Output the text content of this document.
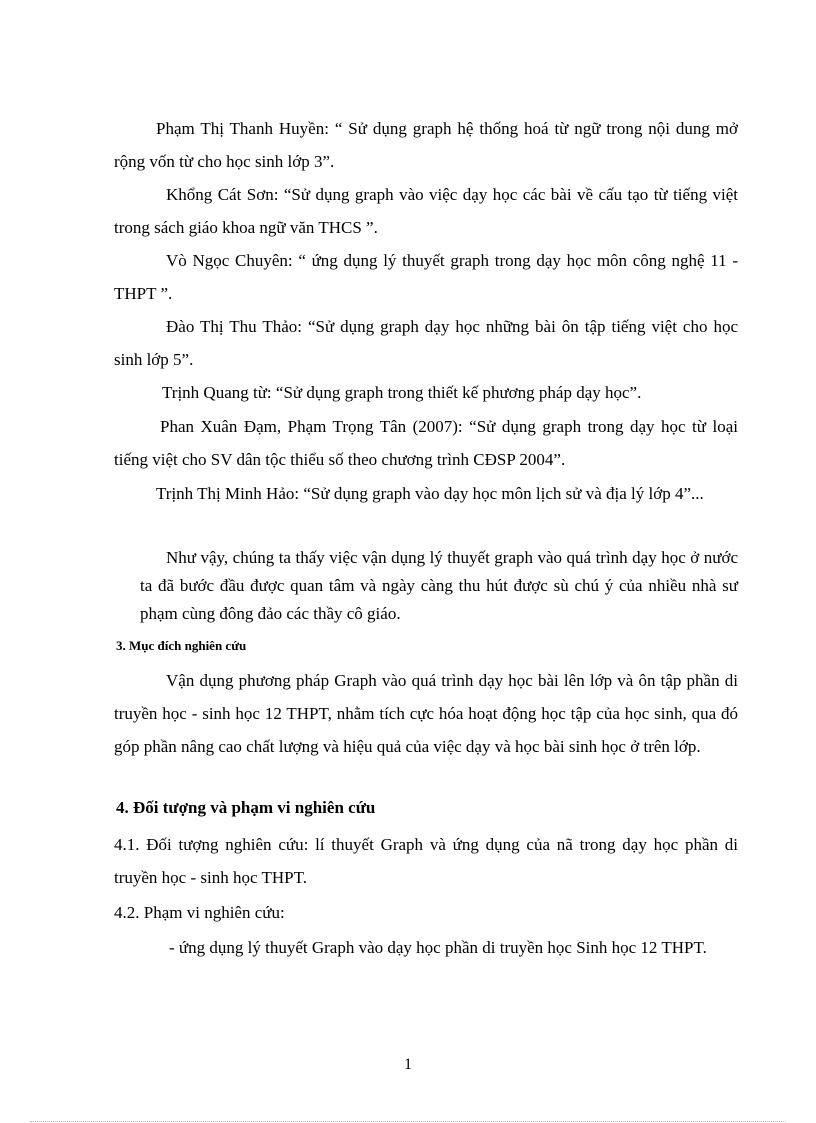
Phạm Thị Thanh Huyền: “ Sử dụng graph hệ thống hoá từ ngữ trong nội dung mở rộng vốn từ cho học sinh lớp 3”.

Khổng Cát Sơn: “Sử dụng graph vào việc dạy học các bài về cấu tạo từ tiếng việt trong sách giáo khoa ngữ văn THCS ”.

Vò Ngọc Chuyên: “ ứng dụng lý thuyết graph trong dạy học môn công nghệ 11 - THPT ”.

Đào Thị Thu Thảo: “Sử dụng graph dạy học những bài ôn tập tiếng việt cho học sinh lớp 5”.

Trịnh Quang từ: “Sử dụng graph trong thiết kế phương pháp dạy học”.

Phan Xuân Đạm, Phạm Trọng Tân (2007): “Sử dụng graph trong dạy học từ loại tiếng việt cho SV dân tộc thiểu số theo chương trình CĐSP 2004”.

Trịnh Thị Minh Hảo: “Sử dụng graph vào dạy học môn lịch sử và địa lý lớp 4”...

Như vậy, chúng ta thấy việc vận dụng lý thuyết graph vào quá trình dạy học ở nước ta đã bước đầu được quan tâm và ngày càng thu hút được sù chú ý của nhiều nhà sư phạm cùng đông đảo các thầy cô giáo.

3. Mục đích nghiên cứu

Vận dụng phương pháp Graph vào quá trình dạy học bài lên lớp và ôn tập phần di truyền học - sinh học 12 THPT, nhằm tích cực hóa hoạt động học tập của học sinh, qua đó góp phần nâng cao chất lượng và hiệu quả của việc dạy và học bài sinh học ở trên lớp.

4. Đối tượng và phạm vi nghiên cứu

4.1. Đối tượng nghiên cứu: lí thuyết Graph và ứng dụng của nã trong dạy học phần di truyền học - sinh học THPT.

4.2. Phạm vi nghiên cứu:

- ứng dụng lý thuyết Graph vào dạy học phần di truyền học Sinh học 12 THPT.

1
